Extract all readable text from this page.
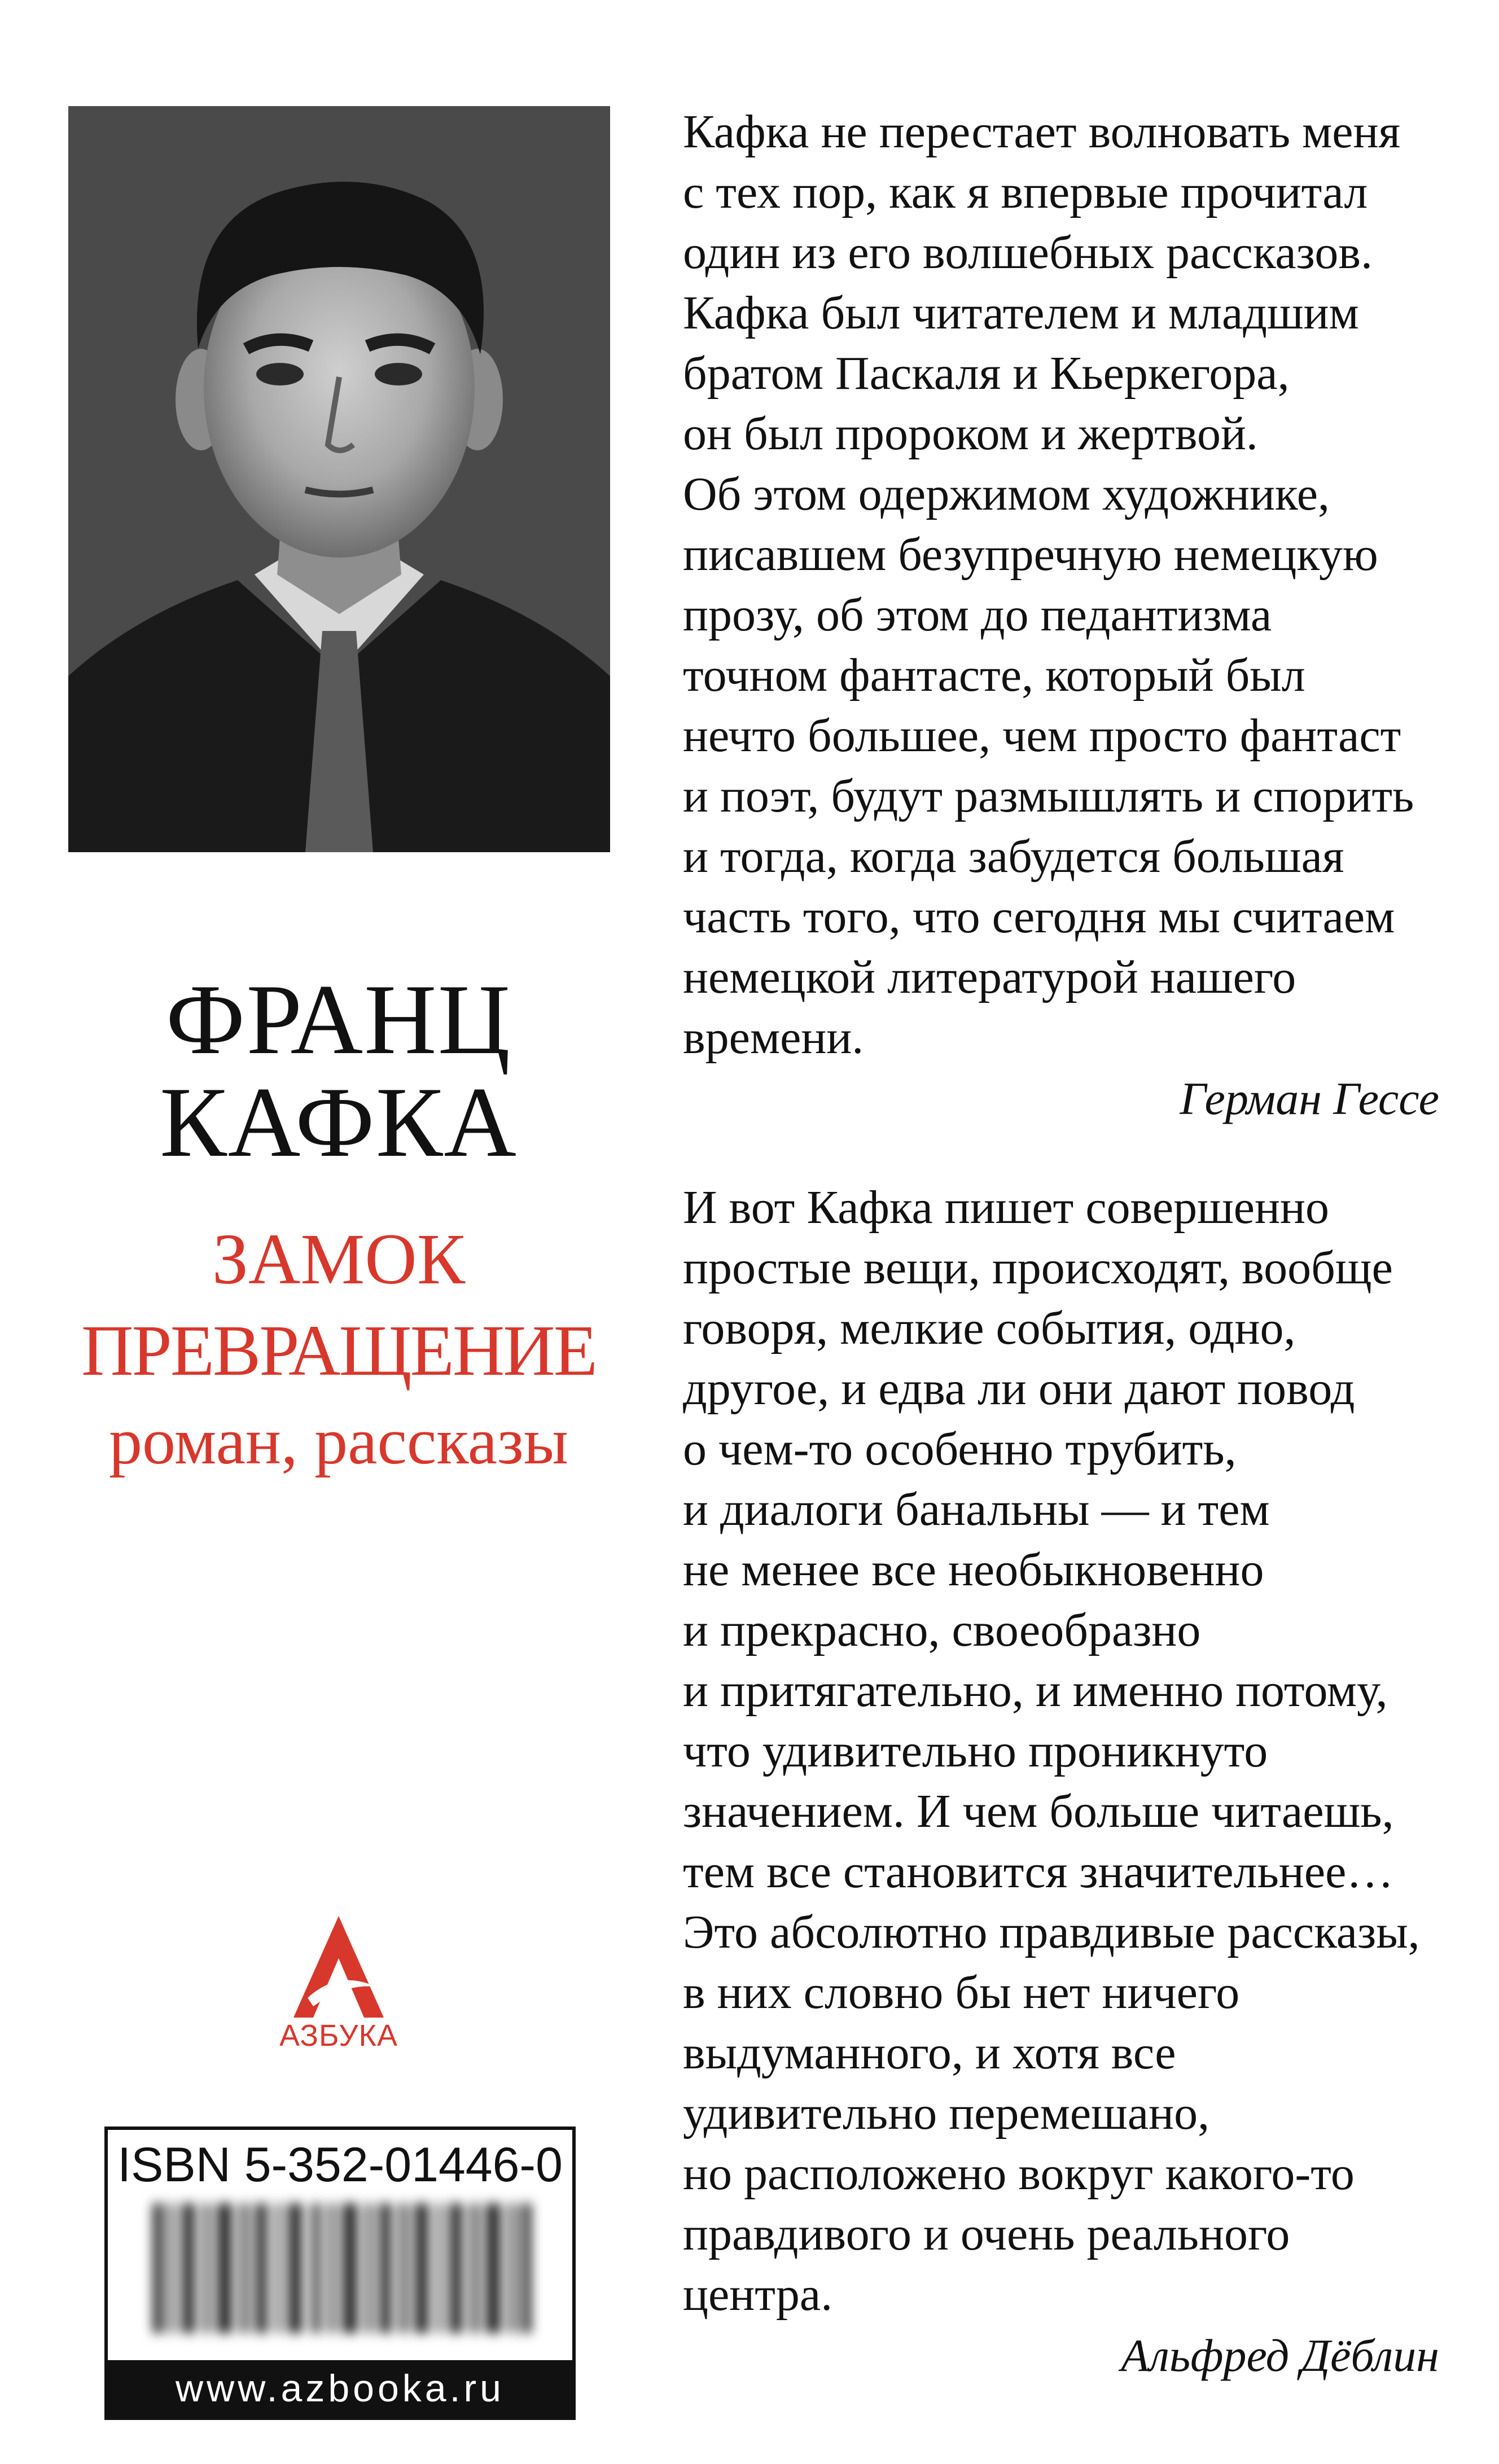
ФРАНЦ
КАФКА
ЗАМОК
ПРЕВРАЩЕНИЕ
роман, рассказы
АЗБУКА
ISBN 5-352-01446-0
www.azbooka.ru
Кафка не перестает волновать меня
с тех пор, как я впервые прочитал
один из его волшебных рассказов.
Кафка был читателем и младшим
братом Паскаля и Кьеркегора,
он был пророком и жертвой.
Об этом одержимом художнике,
писавшем безупречную немецкую
прозу, об этом до педантизма
точном фантасте, который был
нечто большее, чем просто фантаст
и поэт, будут размышлять и спорить
и тогда, когда забудется большая
часть того, что сегодня мы считаем
немецкой литературой нашего
времени.
Герман Гессе
И вот Кафка пишет совершенно
простые вещи, происходят, вообще
говоря, мелкие события, одно,
другое, и едва ли они дают повод
о чем-то особенно трубить,
и диалоги банальны — и тем
не менее все необыкновенно
и прекрасно, своеобразно
и притягательно, и именно потому,
что удивительно проникнуто
значением. И чем больше читаешь,
тем все становится значительнее…
Это абсолютно правдивые рассказы,
в них словно бы нет ничего
выдуманного, и хотя все
удивительно перемешано,
но расположено вокруг какого-то
правдивого и очень реального
центра.
Альфред Дёблин
